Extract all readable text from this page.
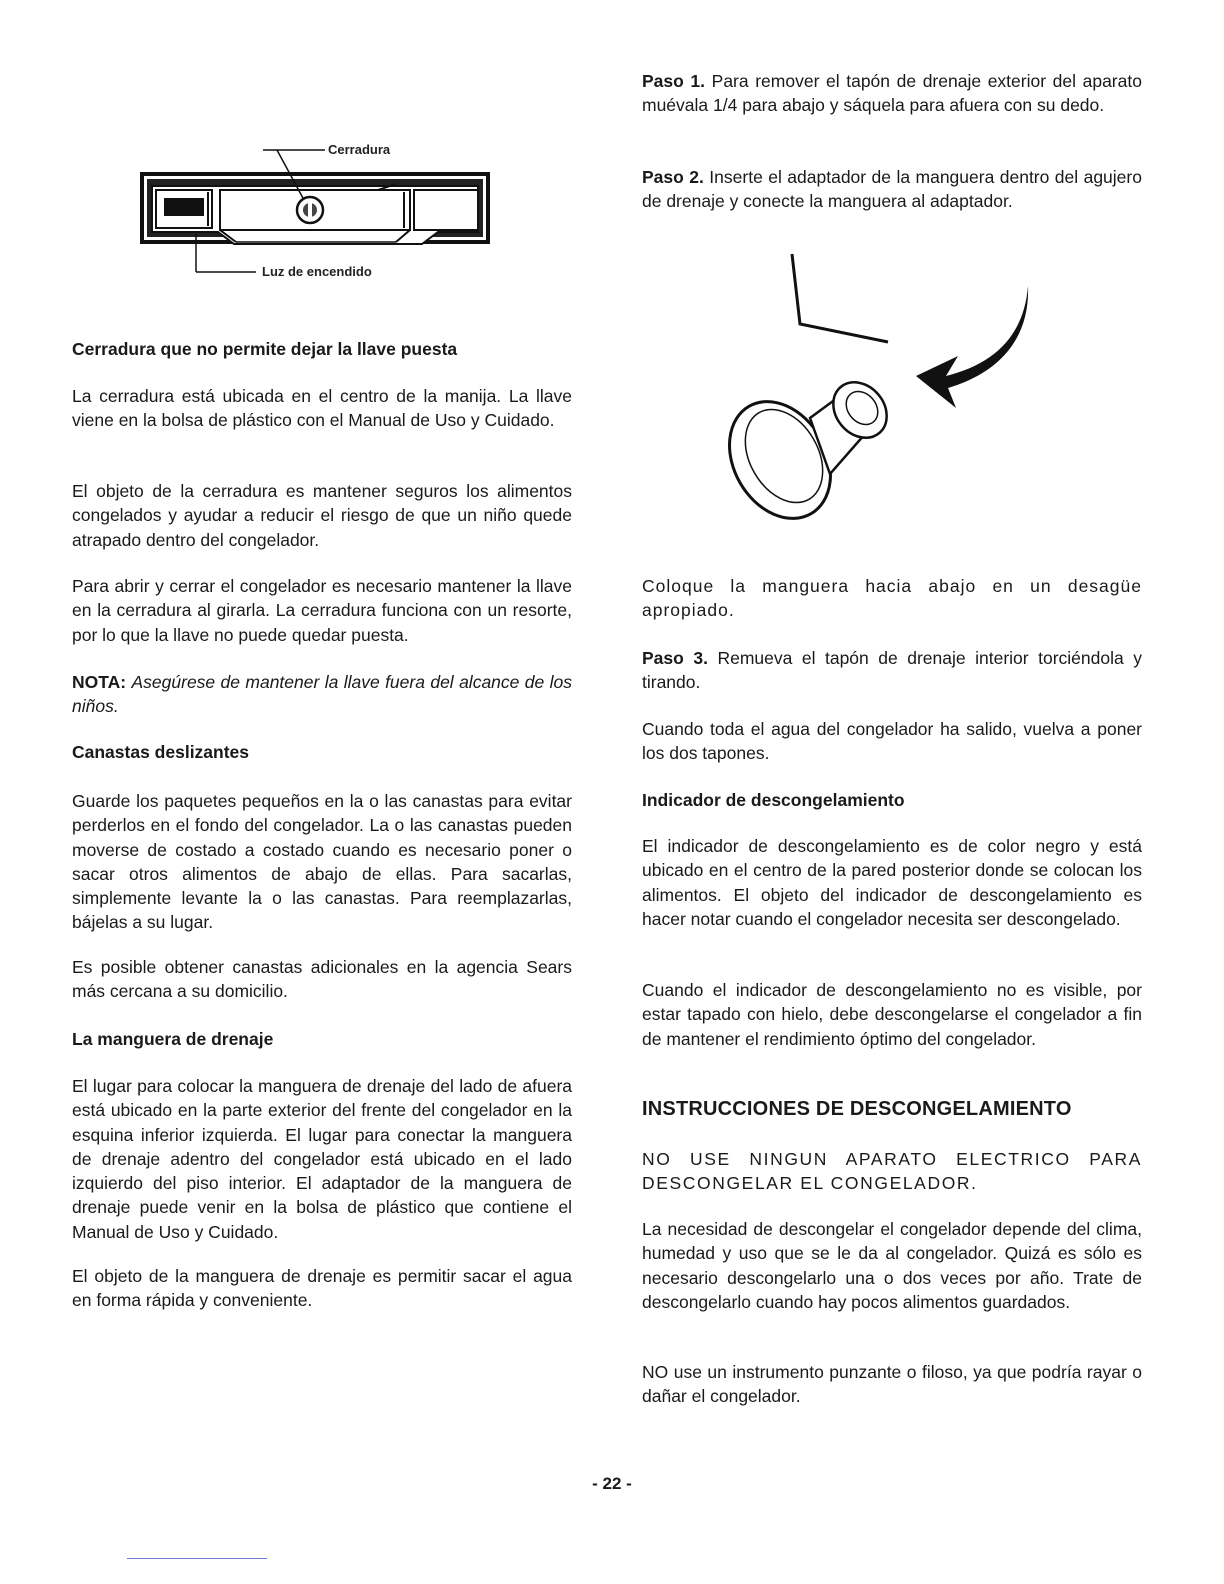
Cerradura
Luz de encendido
Cerradura que no permite dejar la llave puesta

La cerradura está ubicada en el centro de la manija. La llave viene en la bolsa de plástico con el Manual de Uso y Cuidado.

El objeto de la cerradura es mantener seguros los alimentos congelados y ayudar a reducir el riesgo de que un niño quede atrapado dentro del congelador.

Para abrir y cerrar el congelador es necesario mantener la llave en la cerradura al girarla. La cerradura funciona con un resorte, por lo que la llave no puede quedar puesta.

NOTA: Asegúrese de mantener la llave fuera del alcance de los niños.

Canastas deslizantes

Guarde los paquetes pequeños en la o las canastas para evitar perderlos en el fondo del congelador. La o las canastas pueden moverse de costado a costado cuando es necesario poner o sacar otros alimentos de abajo de ellas. Para sacarlas, simplemente levante la o las canastas. Para reemplazarlas, bájelas a su lugar.

Es posible obtener canastas adicionales en la agencia Sears más cercana a su domicilio.

La manguera de drenaje

El lugar para colocar la manguera de drenaje del lado de afuera está ubicado en la parte exterior del frente del congelador en la esquina inferior izquierda. El lugar para conectar la manguera de drenaje adentro del congelador está ubicado en el lado izquierdo del piso interior. El adaptador de la manguera de drenaje puede venir en la bolsa de plástico que contiene el Manual de Uso y Cuidado.

El objeto de la manguera de drenaje es permitir sacar el agua en forma rápida y conveniente.

Paso 1. Para remover el tapón de drenaje exterior del aparato muévala 1/4 para abajo y sáquela para afuera con su dedo.

Paso 2. Inserte el adaptador de la manguera dentro del agujero de drenaje y conecte la manguera al adaptador.

Coloque la manguera hacia abajo en un desagüe apropiado.

Paso 3. Remueva el tapón de drenaje interior torciéndola y tirando.

Cuando toda el agua del congelador ha salido, vuelva a poner los dos tapones.

Indicador de descongelamiento

El indicador de descongelamiento es de color negro y está ubicado en el centro de la pared posterior donde se colocan los alimentos. El objeto del indicador de descongelamiento es hacer notar cuando el congelador necesita ser descongelado.

Cuando el indicador de descongelamiento no es visible, por estar tapado con hielo, debe descongelarse el congelador a fin de mantener el rendimiento óptimo del congelador.

INSTRUCCIONES DE DESCONGELAMIENTO

NO USE NINGUN APARATO ELECTRICO PARA DESCONGELAR EL CONGELADOR.

La necesidad de descongelar el congelador depende del clima, humedad y uso que se le da al congelador. Quizá es sólo es necesario descongelarlo una o dos veces por año. Trate de descongelarlo cuando hay pocos alimentos guardados.

NO use un instrumento punzante o filoso, ya que podría rayar o dañar el congelador.

- 22 -
